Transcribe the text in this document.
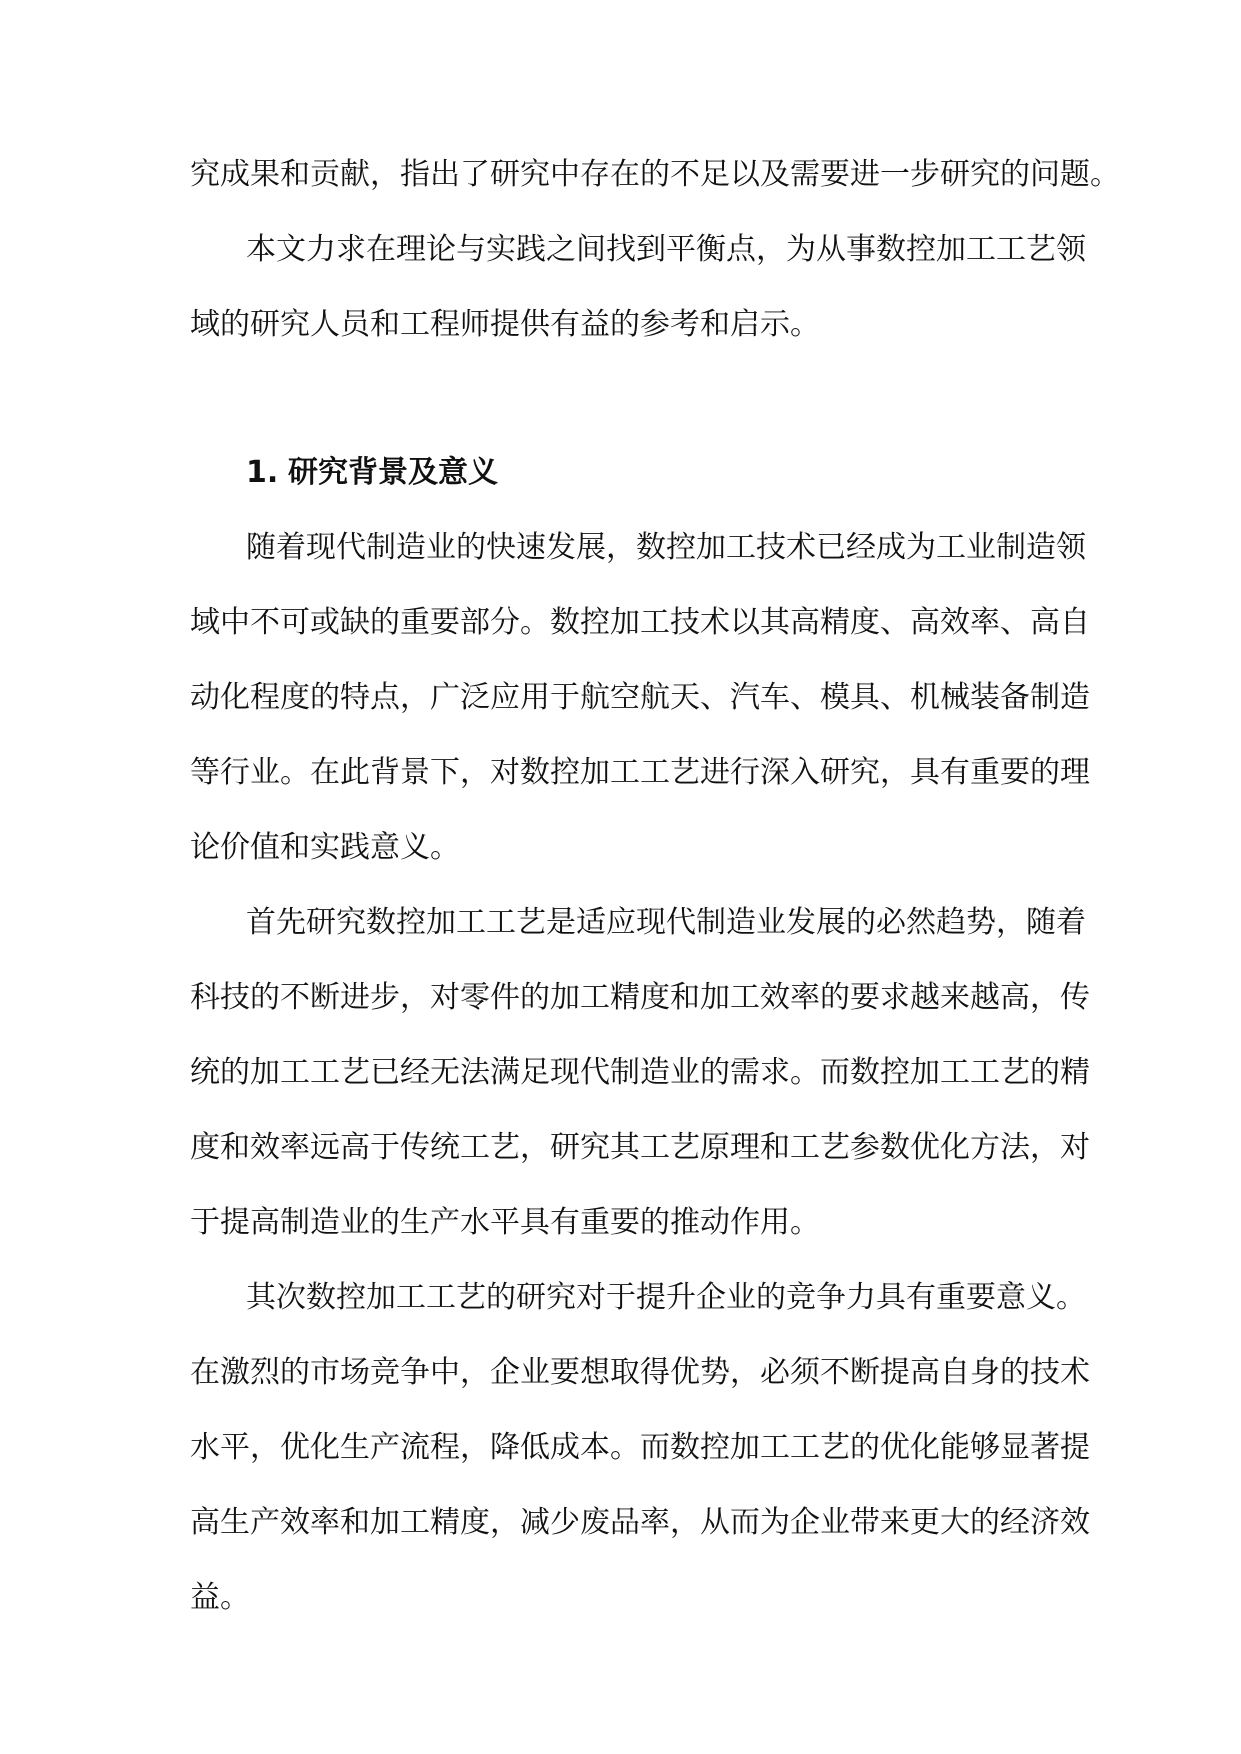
究成果和贡献，指出了研究中存在的不足以及需要进一步研究的问题。
本文力求在理论与实践之间找到平衡点，为从事数控加工工艺领
域的研究人员和工程师提供有益的参考和启示。
1. 研究背景及意义
随着现代制造业的快速发展，数控加工技术已经成为工业制造领
域中不可或缺的重要部分。数控加工技术以其高精度、高效率、高自
动化程度的特点，广泛应用于航空航天、汽车、模具、机械装备制造
等行业。在此背景下，对数控加工工艺进行深入研究，具有重要的理
论价值和实践意义。
首先研究数控加工工艺是适应现代制造业发展的必然趋势，随着
科技的不断进步，对零件的加工精度和加工效率的要求越来越高，传
统的加工工艺已经无法满足现代制造业的需求。而数控加工工艺的精
度和效率远高于传统工艺，研究其工艺原理和工艺参数优化方法，对
于提高制造业的生产水平具有重要的推动作用。
其次数控加工工艺的研究对于提升企业的竞争力具有重要意义。
在激烈的市场竞争中，企业要想取得优势，必须不断提高自身的技术
水平，优化生产流程，降低成本。而数控加工工艺的优化能够显著提
高生产效率和加工精度，减少废品率，从而为企业带来更大的经济效
益。
